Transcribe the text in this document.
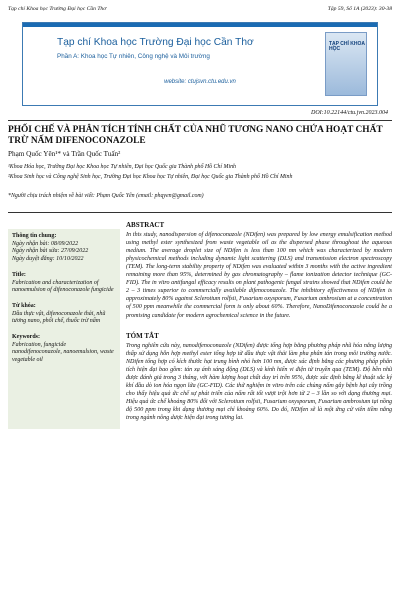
Tạp chí Khoa học Trường Đại học Cần Thơ	Tập 59, Số 1A (2023): 30-38
Tạp chí Khoa học Trường Đại học Cần Thơ
Phần A: Khoa học Tự nhiên, Công nghệ và Môi trường
website: ctujsvn.ctu.edu.vn
TẠP CHÍ KHOA HỌC
DOI:10.22144/ctu.jvn.2023.004
PHỐI CHẾ VÀ PHÂN TÍCH TÍNH CHẤT CỦA NHŨ TƯƠNG NANO CHỨA HOẠT CHẤT TRỪ NẤM DIFENOCONAZOLE
Phạm Quốc Yên¹* và Trần Quốc Tuấn²
¹Khoa Hóa học, Trường Đại học Khoa học Tự nhiên, Đại học Quốc gia Thành phố Hồ Chí Minh
²Khoa Sinh học và Công nghệ Sinh học, Trường Đại học Khoa học Tự nhiên, Đại học Quốc gia Thành phố Hồ Chí Minh
*Người chịu trách nhiệm về bài viết: Phạm Quốc Yên (email: phqyen@gmail.com)
Thông tin chung:
Ngày nhận bài: 08/09/2022
Ngày nhận bài sửa: 27/09/2022
Ngày duyệt đăng: 10/10/2022
Title:
Fabrication and characterization of nanoemulsion of difenoconazole fungicide
Từ khóa:
Dầu thực vật, difenoconazole thải, nhũ tương nano, phối chế, thuốc trừ nấm
Keywords:
Fabrication, fungicide nanodifenoconazole, nanoemulsion, waste vegetable oil
ABSTRACT

In this study, nanodispersion of difenoconazole (NDifen) was prepared by low energy emulsification method using methyl ester synthesized from waste vegetable oil as the dispersed phase throughout the aqueous medium. The average droplet size of NDifen is less than 100 nm which was characterized by modern physicochemical methods including dynamic light scattering (DLS) and transmission electron spectroscopy (TEM). The long-term stability property of NDifen was evaluated within 3 months with the active ingredient remaining more than 95%, determined by gas chromatography – flame ionization detector technique (GC-FID). The in vitro antifungal efficacy results on plant pathogenic fungal strains showed that NDifen could be 2 – 3 times superior to commercially available difenoconazole. The inhibitory effectiveness of NDifen is approximately 80% against Sclerotium rolfsii, Fusarium oxysporum, Fusarium ambrosium at a concentration of 500 ppm meanwhile the commercial form is only about 60%. Therefore, NanoDifenoconazole could be a promising candidate for modern agrochemical science in the future.

TÓM TẮT

Trong nghiên cứu này, nanodifenoconazole (NDifen) được tổng hợp bằng phương pháp nhũ hóa năng lượng thấp sử dụng hỗn hợp methyl ester tổng hợp từ dầu thực vật thải làm pha phân tán trong môi trường nước. NDifen tổng hợp có kích thước hạt trung bình nhỏ hơn 100 nm, được xác định bằng các phương pháp phân tích hiện đại bao gồm: tán xạ ánh sáng động (DLS) và kính hiển vi điện tử truyền qua (TEM). Độ bền nhũ được đánh giá trong 3 tháng, với hàm lượng hoạt chất duy trì trên 95%, được xác định bằng kĩ thuật sắc ký khí đầu dò ion hóa ngọn lửa (GC-FID). Các thử nghiệm in vitro trên các chủng nấm gây bệnh hại cây trồng cho thấy hiệu quả ức chế sự phát triển của nấm rất tốt vượt trội hơn từ 2 – 3 lần so với dạng thương mại. Hiệu quả ức chế khoảng 80% đối với Sclerotium rolfsii, Fusarium oxysporum, Fusarium ambrosium tại nồng độ 500 ppm trong khi dạng thương mại chỉ khoảng 60%. Do đó, NDifen sẽ là một ứng cử viên tiềm năng trong ngành nông dược hiện đại trong tương lai.
